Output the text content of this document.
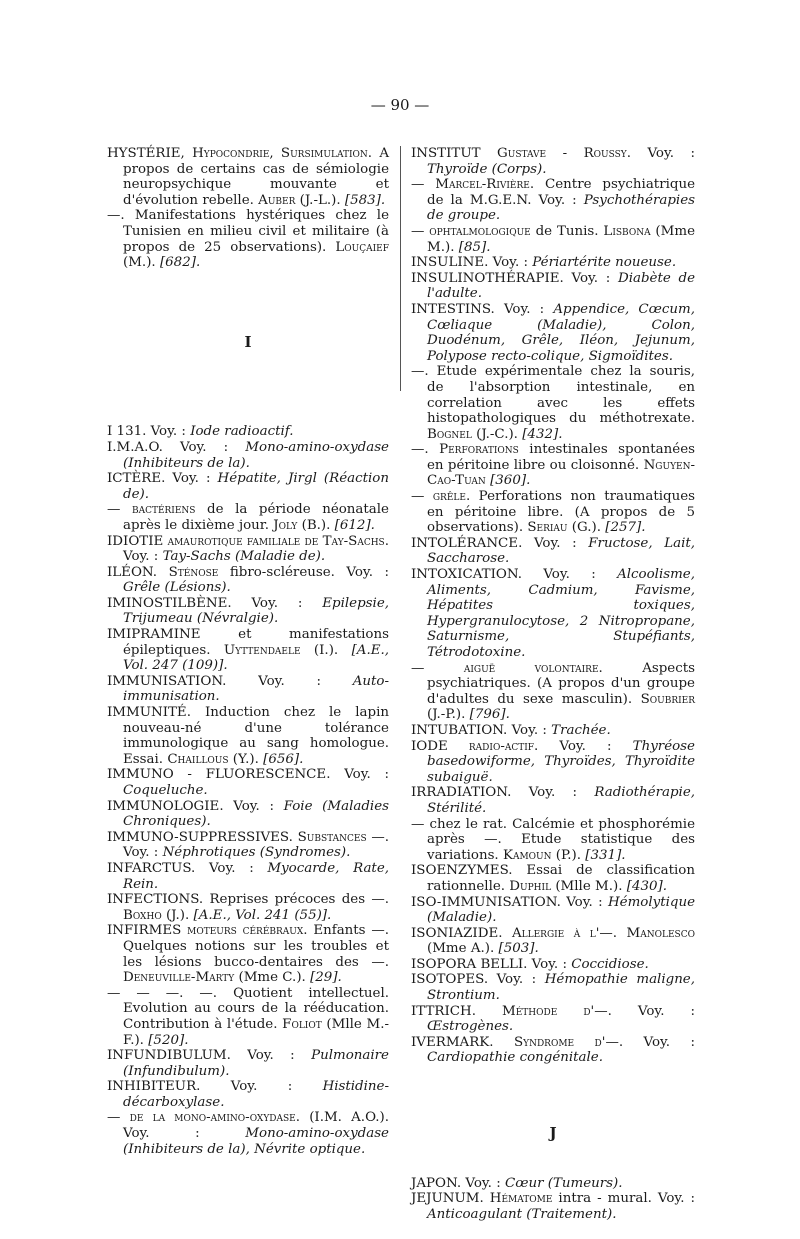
— 90 —

HYSTÉRIE, Hypocondrie, Sursimulation. A propos de certains cas de sémiologie neuropsychique mouvante et d'évolution rebelle. Auber (J.-L.). [583].

—. Manifestations hystériques chez le Tunisien en milieu civil et militaire (à propos de 25 observations). Louçaief (M.). [682].

I

I 131. Voy. : Iode radioactif.

I.M.A.O. Voy. : Mono-amino-oxydase (Inhibiteurs de la).

ICTÈRE. Voy. : Hépatite, Jirgl (Réaction de).

— bactériens de la période néonatale après le dixième jour. Joly (B.). [612].

IDIOTIE amaurotique familiale de Tay-Sachs. Voy. : Tay-Sachs (Maladie de).

ILÉON. Sténose fibro-scléreuse. Voy. : Grêle (Lésions).

IMINOSTILBÈNE. Voy. : Epilepsie, Trijumeau (Névralgie).

IMIPRAMINE et manifestations épileptiques. Uyttendaele (I.). [A.E., Vol. 247 (109)].

IMMUNISATION. Voy. : Auto-immunisation.

IMMUNITÉ. Induction chez le lapin nouveau-né d'une tolérance immunologique au sang homologue. Essai. Chaillous (Y.). [656].

IMMUNO - FLUORESCENCE. Voy. : Coqueluche.

IMMUNOLOGIE. Voy. : Foie (Maladies Chroniques).

IMMUNO-SUPPRESSIVES. Substances —. Voy. : Néphrotiques (Syndromes).

INFARCTUS. Voy. : Myocarde, Rate, Rein.

INFECTIONS. Reprises précoces des —. Boxho (J.). [A.E., Vol. 241 (55)].

INFIRMES moteurs cérébraux. Enfants —. Quelques notions sur les troubles et les lésions bucco-dentaires des —. Deneuville-Marty (Mme C.). [29].

— — —. —. Quotient intellectuel. Evolution au cours de la rééducation. Contribution à l'étude. Foliot (Mlle M.-F.). [520].

INFUNDIBULUM. Voy. : Pulmonaire (Infundibulum).

INHIBITEUR. Voy. : Histidine-décarboxylase.

— de la mono-amino-oxydase. (I.M. A.O.). Voy. : Mono-amino-oxydase (Inhibiteurs de la), Névrite optique.

INSTITUT Gustave - Roussy. Voy. : Thyroïde (Corps).

— Marcel-Rivière. Centre psychiatrique de la M.G.E.N. Voy. : Psychothérapies de groupe.

— ophtalmologique de Tunis. Lisbona (Mme M.). [85].

INSULINE. Voy. : Périartérite noueuse.

INSULINOTHÉRAPIE. Voy. : Diabète de l'adulte.

INTESTINS. Voy. : Appendice, Cœcum, Cœliaque (Maladie), Colon, Duodénum, Grêle, Iléon, Jejunum, Polypose recto-colique, Sigmoïdites.

—. Etude expérimentale chez la souris, de l'absorption intestinale, en correlation avec les effets histopathologiques du méthotrexate. Bognel (J.-C.). [432].

—. Perforations intestinales spontanées en péritoine libre ou cloisonné. Nguyen-Cao-Tuan [360].

— grêle. Perforations non traumatiques en péritoine libre. (A propos de 5 observations). Seriau (G.). [257].

INTOLÉRANCE. Voy. : Fructose, Lait, Saccharose.

INTOXICATION. Voy. : Alcoolisme, Aliments, Cadmium, Favisme, Hépatites toxiques, Hypergranulocytose, 2 Nitropropane, Saturnisme, Stupéfiants, Tétrodotoxine.

— aiguë volontaire. Aspects psychiatriques. (A propos d'un groupe d'adultes du sexe masculin). Soubrier (J.-P.). [796].

INTUBATION. Voy. : Trachée.

IODE radio-actif. Voy. : Thyréose basedowiforme, Thyroïdes, Thyroïdite subaiguë.

IRRADIATION. Voy. : Radiothérapie, Stérilité.

— chez le rat. Calcémie et phosphorémie après —. Etude statistique des variations. Kamoun (P.). [331].

ISOENZYMES. Essai de classification rationnelle. Duphil (Mlle M.). [430].

ISO-IMMUNISATION. Voy. : Hémolytique (Maladie).

ISONIAZIDE. Allergie à l'—. Manolesco (Mme A.). [503].

ISOPORA BELLI. Voy. : Coccidiose.

ISOTOPES. Voy. : Hémopathie maligne, Strontium.

ITTRICH. Méthode d'—. Voy. : Œstrogènes.

IVERMARK. Syndrome d'—. Voy. : Cardiopathie congénitale.

J

JAPON. Voy. : Cœur (Tumeurs).

JEJUNUM. Hématome intra - mural. Voy. : Anticoagulant (Traitement).
